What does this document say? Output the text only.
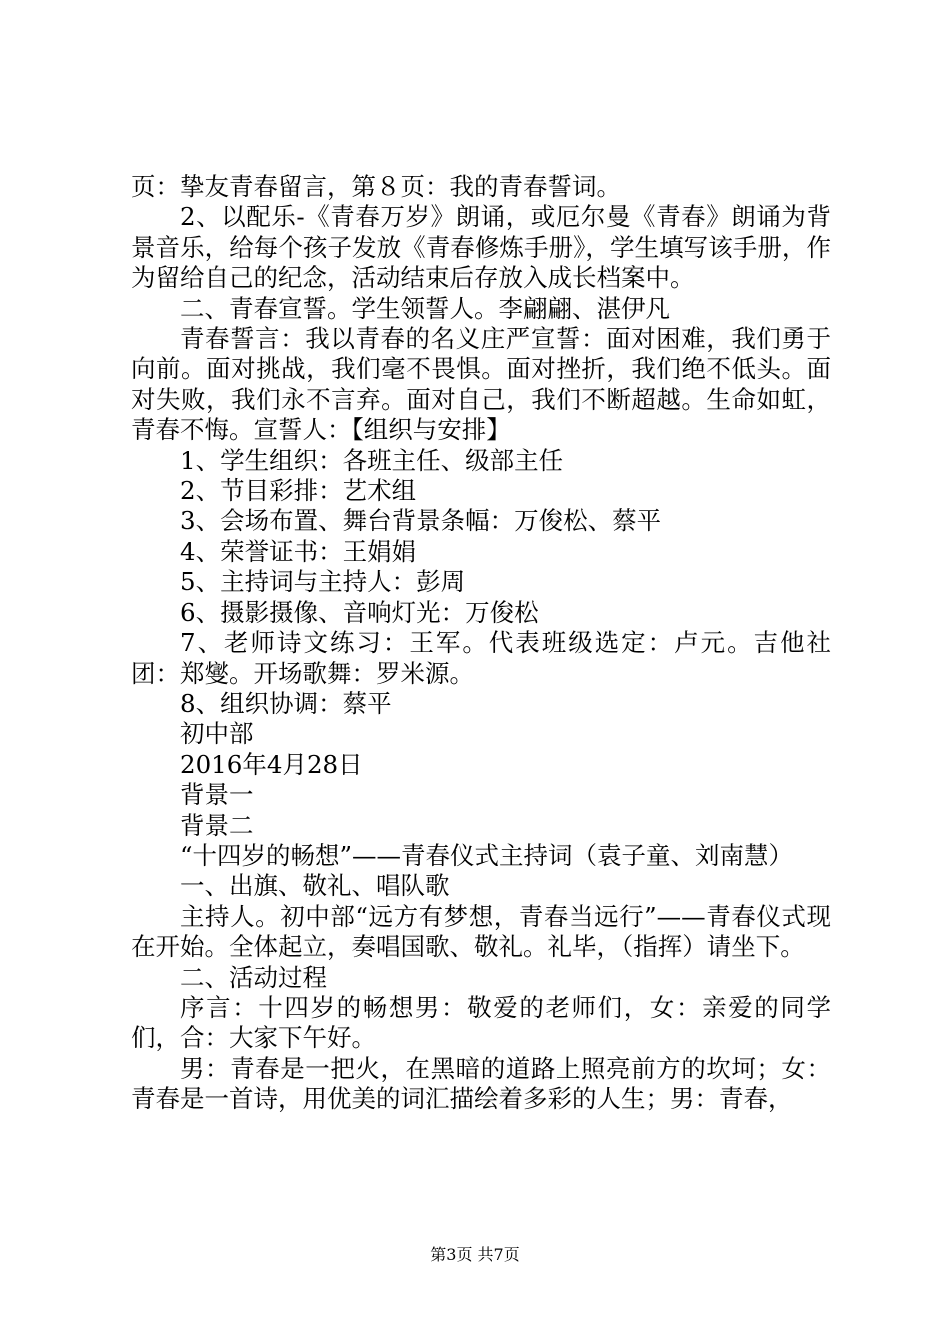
页：挚友青春留言，第８页：我的青春誓词。

2、以配乐-《青春万岁》朗诵，或厄尔曼《青春》朗诵为背景音乐，给每个孩子发放《青春修炼手册》，学生填写该手册，作为留给自己的纪念，活动结束后存放入成长档案中。

二、青春宣誓。学生领誓人。李翩翩、湛伊凡

青春誓言：我以青春的名义庄严宣誓：面对困难，我们勇于向前。面对挑战，我们毫不畏惧。面对挫折，我们绝不低头。面对失败，我们永不言弃。面对自己，我们不断超越。生命如虹，青春不悔。宣誓人：【组织与安排】

1、学生组织：各班主任、级部主任

2、节目彩排：艺术组

3、会场布置、舞台背景条幅：万俊松、蔡平

4、荣誉证书：王娟娟

5、主持词与主持人：彭周

6、摄影摄像、音响灯光：万俊松

7、老师诗文练习：王军。代表班级选定：卢元。吉他社团：郑燮。开场歌舞：罗米源。

8、组织协调：蔡平

初中部

2016年4月28日

背景一

背景二

“十四岁的畅想”——青春仪式主持词（袁子童、刘南慧）

一、出旗、敬礼、唱队歌

主持人。初中部“远方有梦想，青春当远行”——青春仪式现在开始。全体起立，奏唱国歌、敬礼。礼毕，（指挥）请坐下。

二、活动过程

序言：十四岁的畅想男：敬爱的老师们，女：亲爱的同学们，合：大家下午好。

男：青春是一把火，在黑暗的道路上照亮前方的坎坷；女：青春是一首诗，用优美的词汇描绘着多彩的人生；男：青春，

第3页 共7页
